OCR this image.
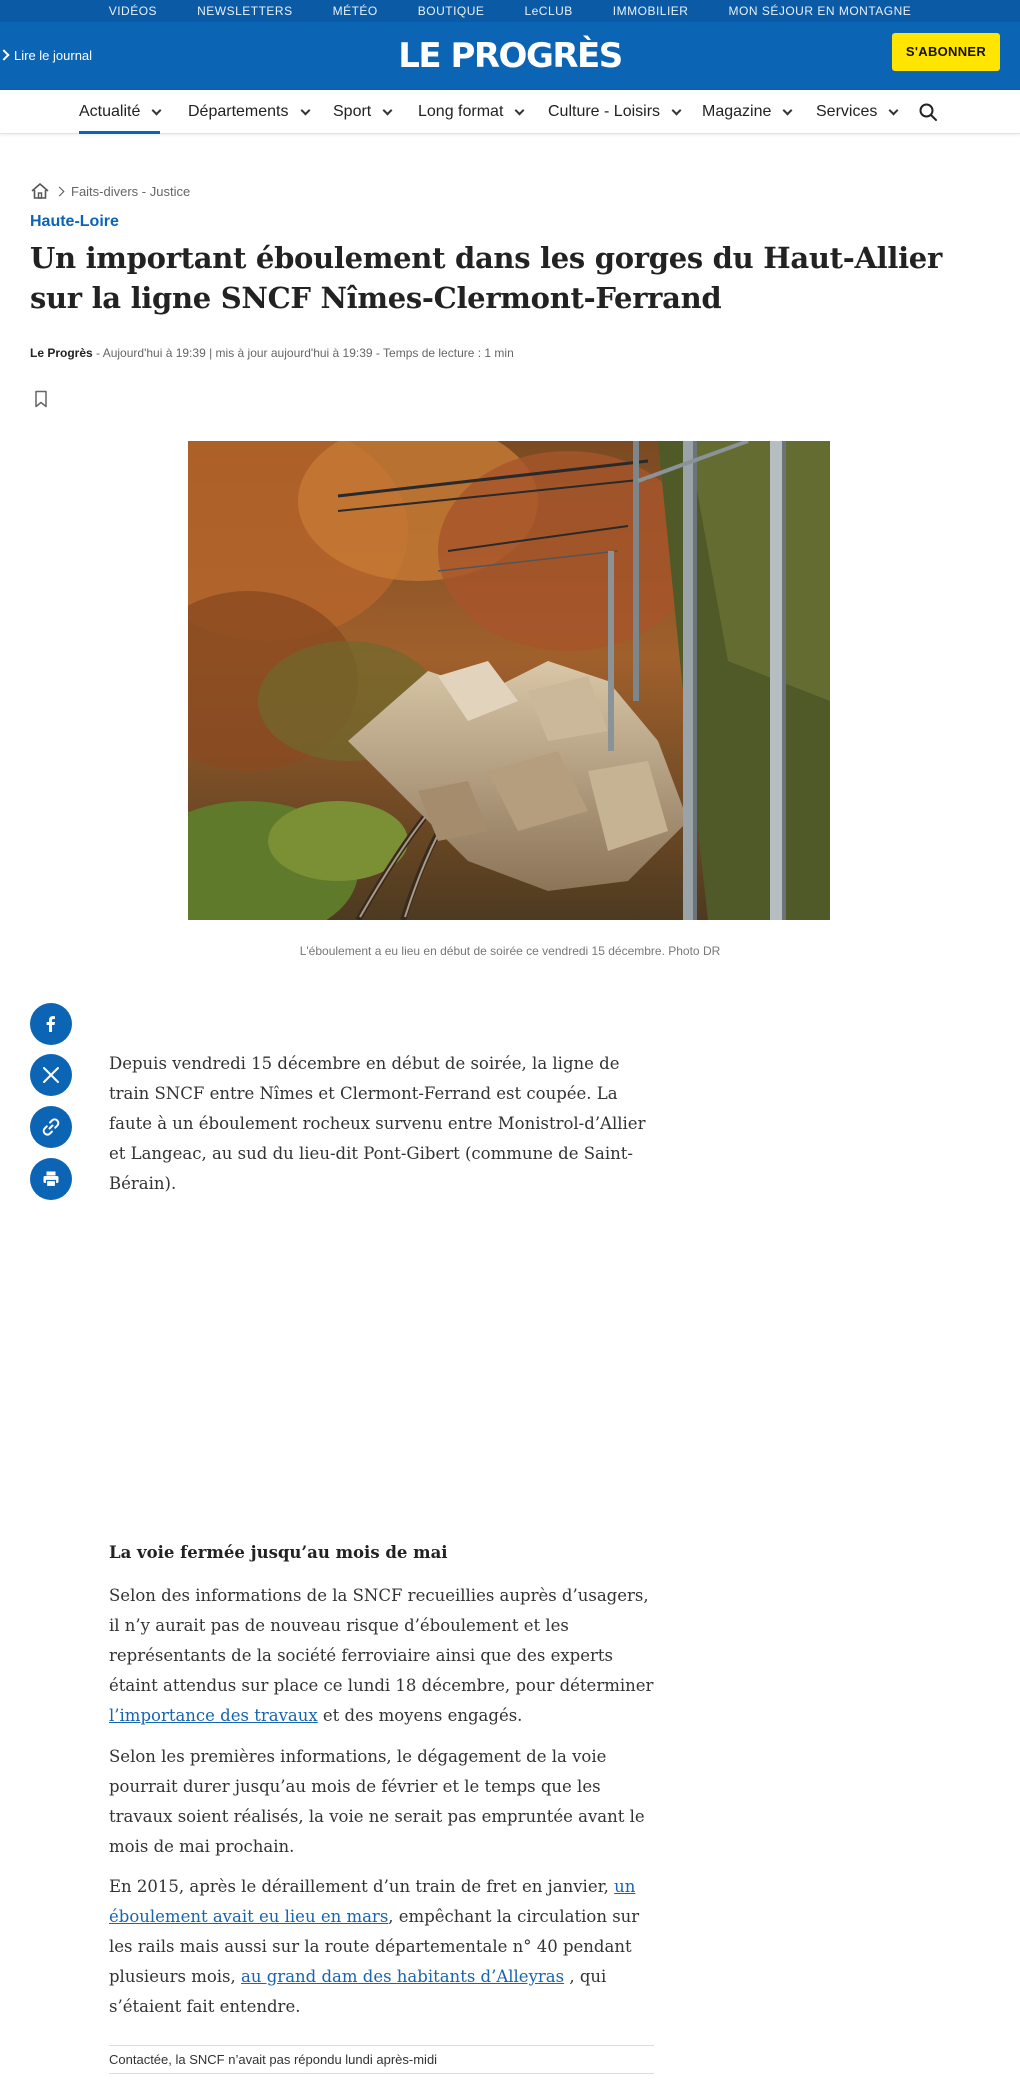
VIDÉOS	NEWSLETTERS	MÉTÉO	BOUTIQUE	LeCLUB	IMMOBILIER	MON SÉJOUR EN MONTAGNE
Lire le journal	LE PROGRÈS	S'ABONNER
Actualité	Départements	Sport	Long format	Culture - Loisirs	Magazine	Services
Faits-divers - Justice
Haute-Loire
Un important éboulement dans les gorges du Haut-Allier sur la ligne SNCF Nîmes-Clermont-Ferrand
Le Progrès - Aujourd'hui à 19:39 | mis à jour aujourd'hui à 19:39 - Temps de lecture : 1 min
L'éboulement a eu lieu en début de soirée ce vendredi 15 décembre. Photo DR

Depuis vendredi 15 décembre en début de soirée, la ligne de train SNCF entre Nîmes et Clermont-Ferrand est coupée. La faute à un éboulement rocheux survenu entre Monistrol-d’Allier et Langeac, au sud du lieu-dit Pont-Gibert (commune de Saint-Bérain).

La voie fermée jusqu’au mois de mai

Selon des informations de la SNCF recueillies auprès d’usagers, il n’y aurait pas de nouveau risque d’éboulement et les représentants de la société ferroviaire ainsi que des experts étaint attendus sur place ce lundi 18 décembre, pour déterminer l’importance des travaux et des moyens engagés.

Selon les premières informations, le dégagement de la voie pourrait durer jusqu’au mois de février et le temps que les travaux soient réalisés, la voie ne serait pas empruntée avant le mois de mai prochain.

En 2015, après le déraillement d’un train de fret en janvier, un éboulement avait eu lieu en mars, empêchant la circulation sur les rails mais aussi sur la route départementale n° 40 pendant plusieurs mois, au grand dam des habitants d’Alleyras , qui s’étaient fait entendre.

Contactée, la SNCF n’avait pas répondu lundi après-midi
